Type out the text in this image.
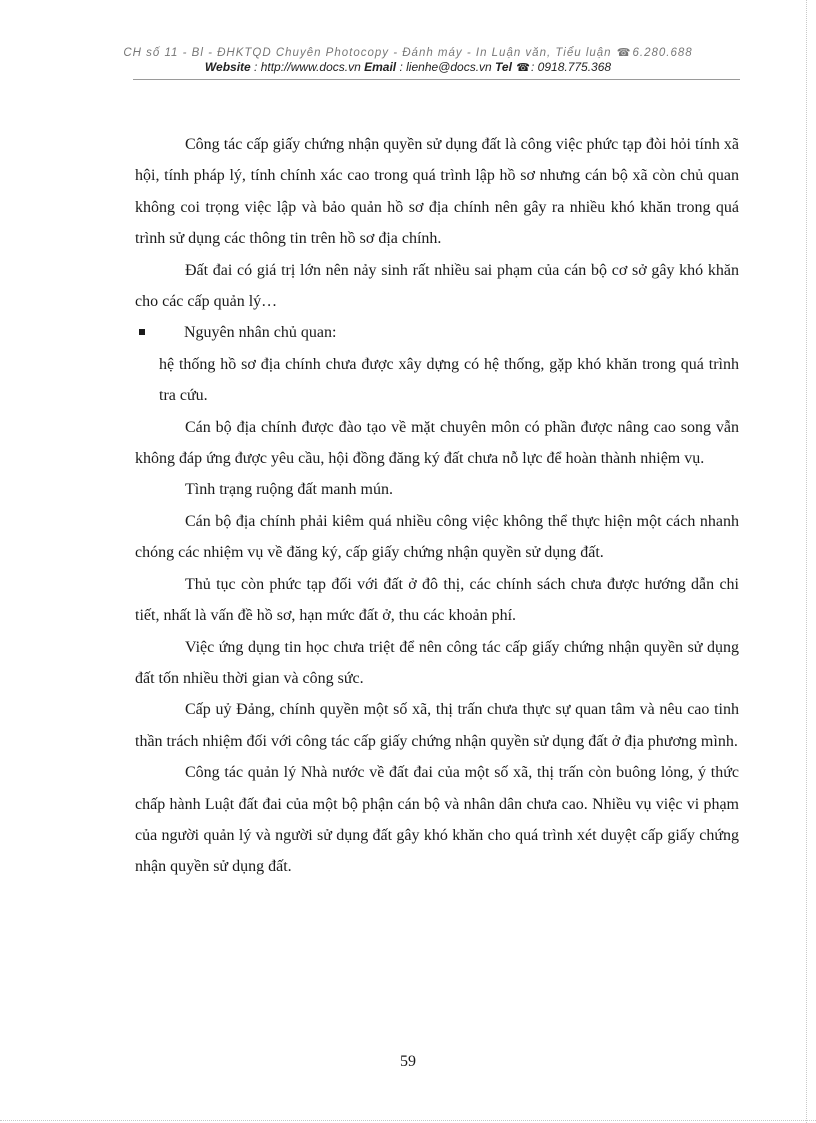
CH số 11 - Bl - ĐHKTQD Chuyên Photocopy - Đánh máy - In Luận văn, Tiểu luận ☎6.280.688
Website : http://www.docs.vn Email : lienhe@docs.vn Tel ☎: 0918.775.368

Công tác cấp giấy chứng nhận quyền sử dụng đất là công việc phức tạp đòi hỏi tính xã hội, tính pháp lý, tính chính xác cao trong quá trình lập hồ sơ nhưng cán bộ xã còn chủ quan không coi trọng việc lập và bảo quản hồ sơ địa chính nên gây ra nhiều khó khăn trong quá trình sử dụng các thông tin trên hồ sơ địa chính.

Đất đai có giá trị lớn nên nảy sinh rất nhiều sai phạm của cán bộ cơ sở gây khó khăn cho các cấp quản lý…

Nguyên nhân chủ quan:

hệ thống hồ sơ địa chính chưa được xây dựng có hệ thống, gặp khó khăn trong quá trình tra cứu.

Cán bộ địa chính được đào tạo về mặt chuyên môn có phần được nâng cao song vẫn không đáp ứng được yêu cầu, hội đồng đăng ký đất chưa nỗ lực để hoàn thành nhiệm vụ.

Tình trạng ruộng đất manh mún.

Cán bộ địa chính phải kiêm quá nhiều công việc không thể thực hiện một cách nhanh chóng các nhiệm vụ về đăng ký, cấp giấy chứng nhận quyền sử dụng đất.

Thủ tục còn phức tạp đối với đất ở đô thị, các chính sách chưa được hướng dẫn chi tiết, nhất là vấn đề hồ sơ, hạn mức đất ở, thu các khoản phí.

Việc ứng dụng tin học chưa triệt để nên công tác cấp giấy chứng nhận quyền sử dụng đất tốn nhiều thời gian và công sức.

Cấp uỷ Đảng, chính quyền một số xã, thị trấn chưa thực sự quan tâm và nêu cao tinh thần trách nhiệm đối với công tác cấp giấy chứng nhận quyền sử dụng đất ở địa phương mình.

Công tác quản lý Nhà nước về đất đai của một số xã, thị trấn còn buông lỏng, ý thức chấp hành Luật đất đai của một bộ phận cán bộ và nhân dân chưa cao. Nhiều vụ việc vi phạm của người quản lý và người sử dụng đất gây khó khăn cho quá trình xét duyệt cấp giấy chứng nhận quyền sử dụng đất.

59
